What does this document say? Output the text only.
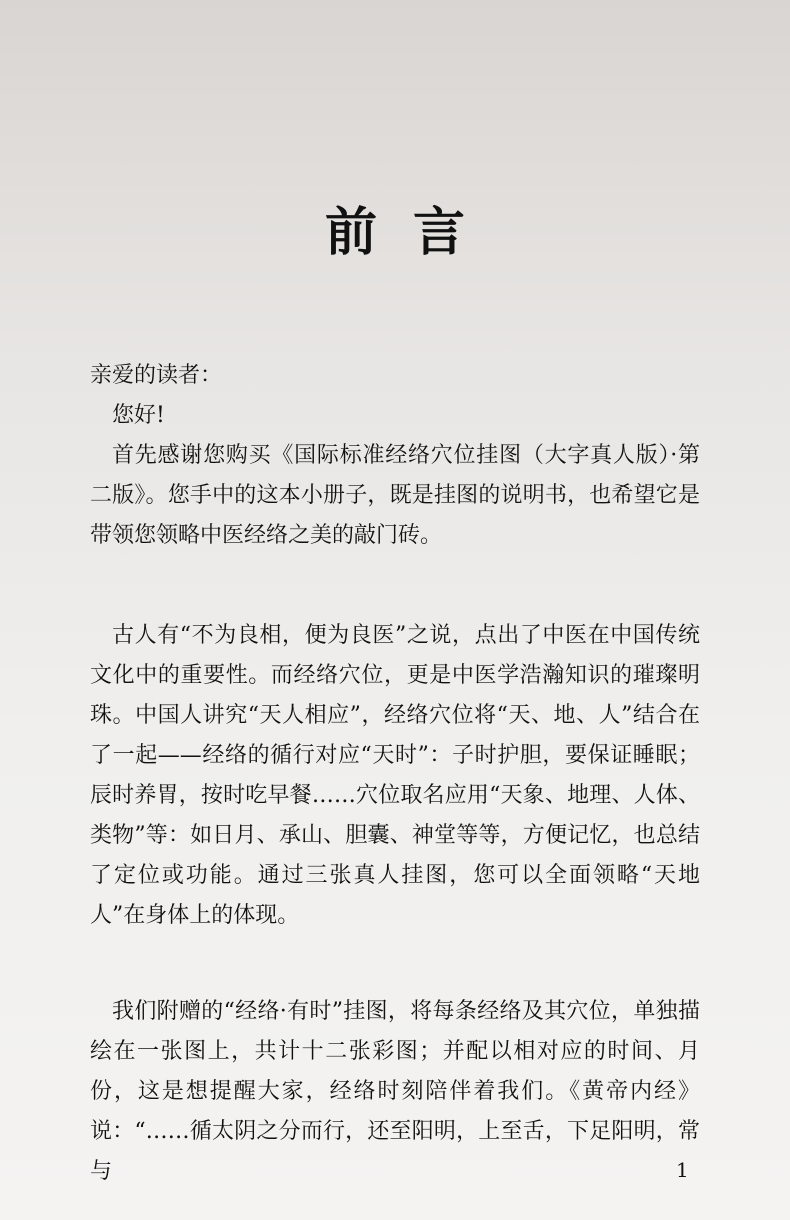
前言

亲爱的读者：

您好!

首先感谢您购买《国际标准经络穴位挂图（大字真人版）·第二版》。您手中的这本小册子，既是挂图的说明书，也希望它是带领您领略中医经络之美的敲门砖。

古人有“不为良相，便为良医”之说，点出了中医在中国传统文化中的重要性。而经络穴位，更是中医学浩瀚知识的璀璨明珠。中国人讲究“天人相应”，经络穴位将“天、地、人”结合在了一起——经络的循行对应“天时”：子时护胆，要保证睡眠；辰时养胃，按时吃早餐……穴位取名应用“天象、地理、人体、类物”等：如日月、承山、胆囊、神堂等等，方便记忆，也总结了定位或功能。通过三张真人挂图，您可以全面领略“天地人”在身体上的体现。

我们附赠的“经络·有时”挂图，将每条经络及其穴位，单独描绘在一张图上，共计十二张彩图；并配以相对应的时间、月份，这是想提醒大家，经络时刻陪伴着我们。《黄帝内经》说：“……循太阴之分而行，还至阳明，上至舌，下足阳明，常与	1
